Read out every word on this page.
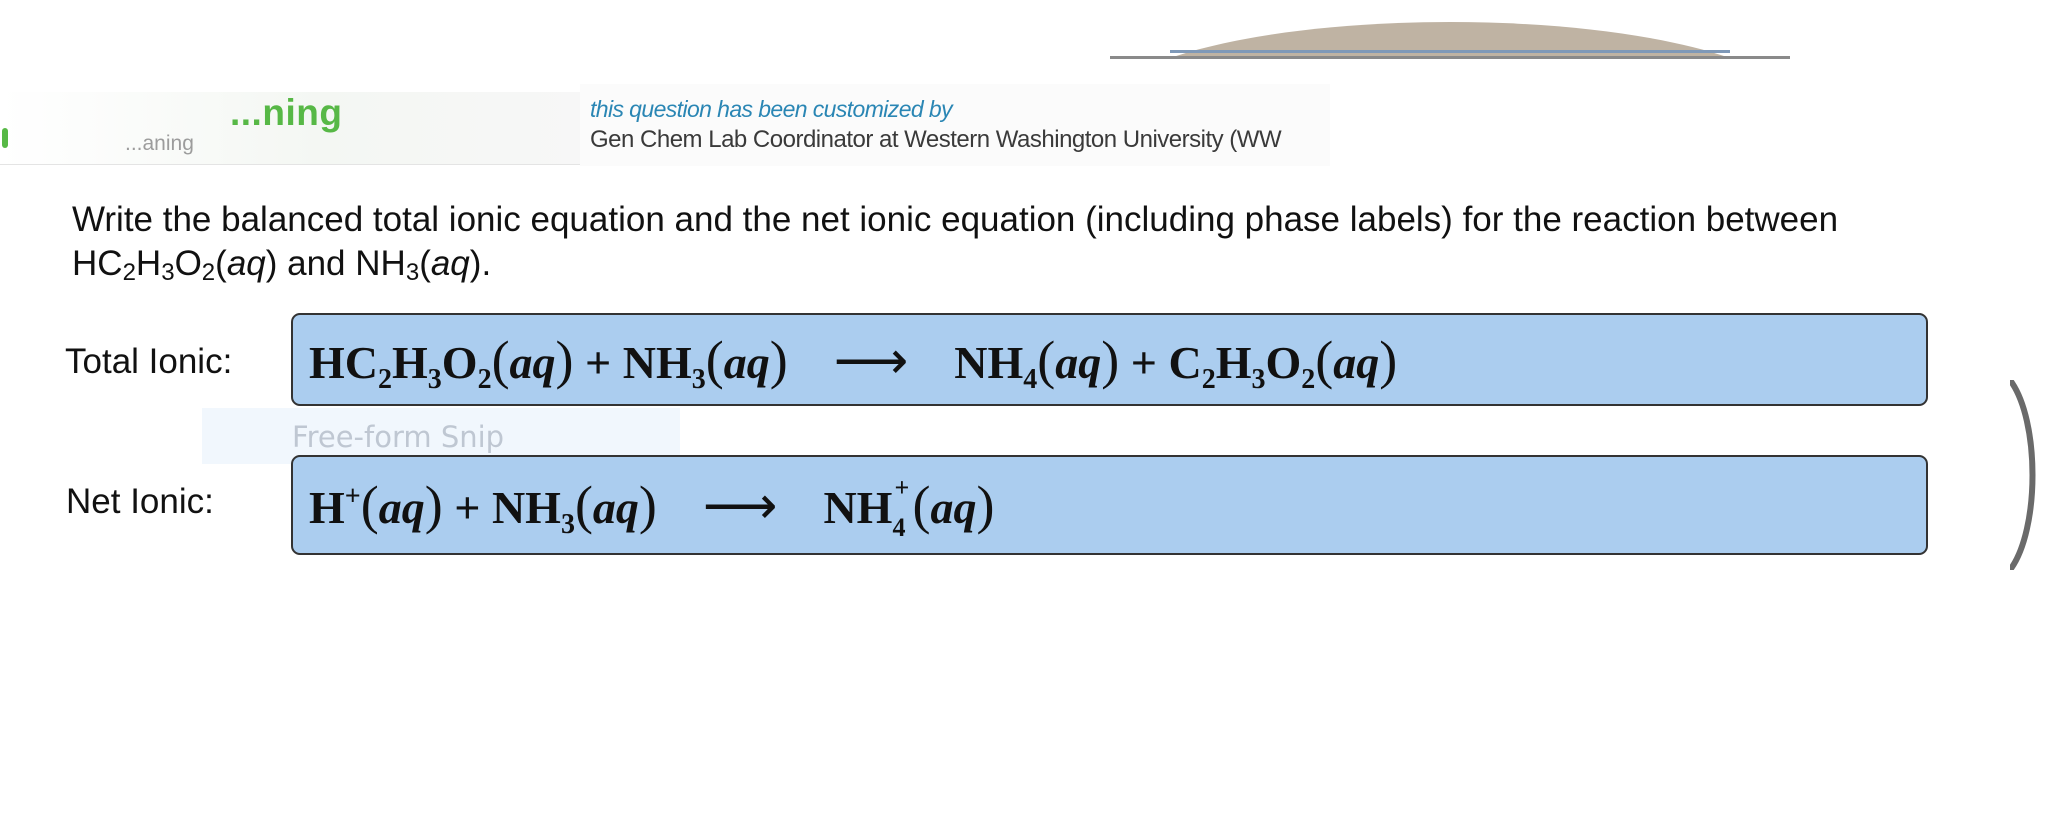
...ning
...aning
this question has been customized by
Gen Chem Lab Coordinator at Western Washington University (WW
Write the balanced total ionic equation and the net ionic equation (including phase labels) for the reaction between $HC_2H_3O_2(aq)$ and $NH_3(aq)$.
Total Ionic: $HC_2H_3O_2(aq) + NH_3(aq)$ ⟶ $NH_4(aq) + C_2H_3O_2(aq)$
Free-form Snip
Net Ionic: $H^+(aq) + NH_3(aq)$ ⟶ NH +
4 (aq)
